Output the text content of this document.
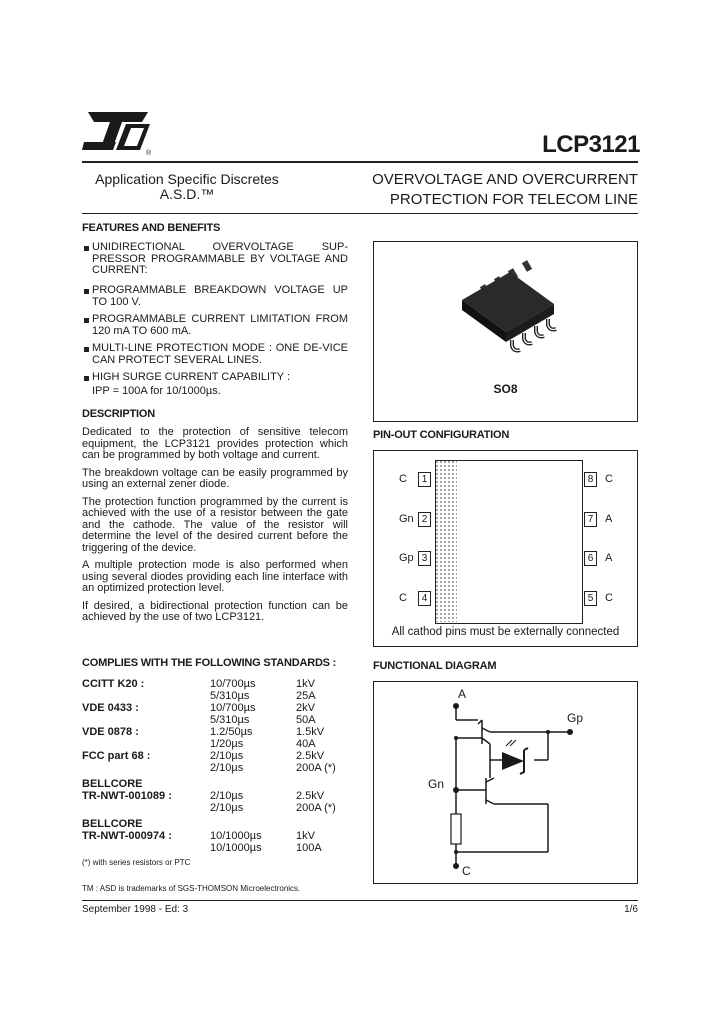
®	LCP3121
Application Specific Discretes
A.S.D.™
OVERVOLTAGE AND OVERCURRENT
PROTECTION FOR TELECOM LINE
FEATURES AND BENEFITS
UNIDIRECTIONAL OVERVOLTAGE SUP-PRESSOR PROGRAMMABLE BY VOLTAGE AND CURRENT:
PROGRAMMABLE BREAKDOWN VOLTAGE UP TO 100 V.
PROGRAMMABLE CURRENT LIMITATION FROM 120 mA TO 600 mA.
MULTI-LINE PROTECTION MODE : ONE DE-VICE CAN PROTECT SEVERAL LINES.
HIGH SURGE CURRENT CAPABILITY :
IPP = 100A for 10/1000µs.
DESCRIPTION

Dedicated to the protection of sensitive telecom equipment, the LCP3121 provides protection which can be programmed by both voltage and current.

The breakdown voltage can be easily programmed by using an external zener diode.

The protection function programmed by the current is achieved with the use of a resistor between the gate and the cathode. The value of the resistor will determine the level of the desired current before the triggering of the device.

A multiple protection mode is also performed when using several diodes providing each line interface with an optimized protection level.

If desired, a bidirectional protection function can be achieved by the use of two LCP3121.

COMPLIES WITH THE FOLLOWING STANDARDS :
CCITT K20 :	10/700µs	1kV
5/310µs	25A
VDE 0433 :	10/700µs	2kV
5/310µs	50A
VDE 0878 :	1.2/50µs	1.5kV
1/20µs	40A
FCC part 68 :	2/10µs	2.5kV
2/10µs	200A (*)
BELLCORE
TR-NWT-001089 :	2/10µs	2.5kV
2/10µs	200A (*)
BELLCORE
TR-NWT-000974 :	10/1000µs	1kV
10/1000µs	100A
(*) with series resistors or PTC
TM : ASD is trademarks of SGS-THOMSON Microelectronics.
September 1998 - Ed: 3	1/6
SO8
PIN-OUT CONFIGURATION
C	1
Gn 2
Gp 3
C	4
8	C
7	A
6	A
5	C
All cathod pins must be externally connected
FUNCTIONAL DIAGRAM
A
Gp
Gn
C
